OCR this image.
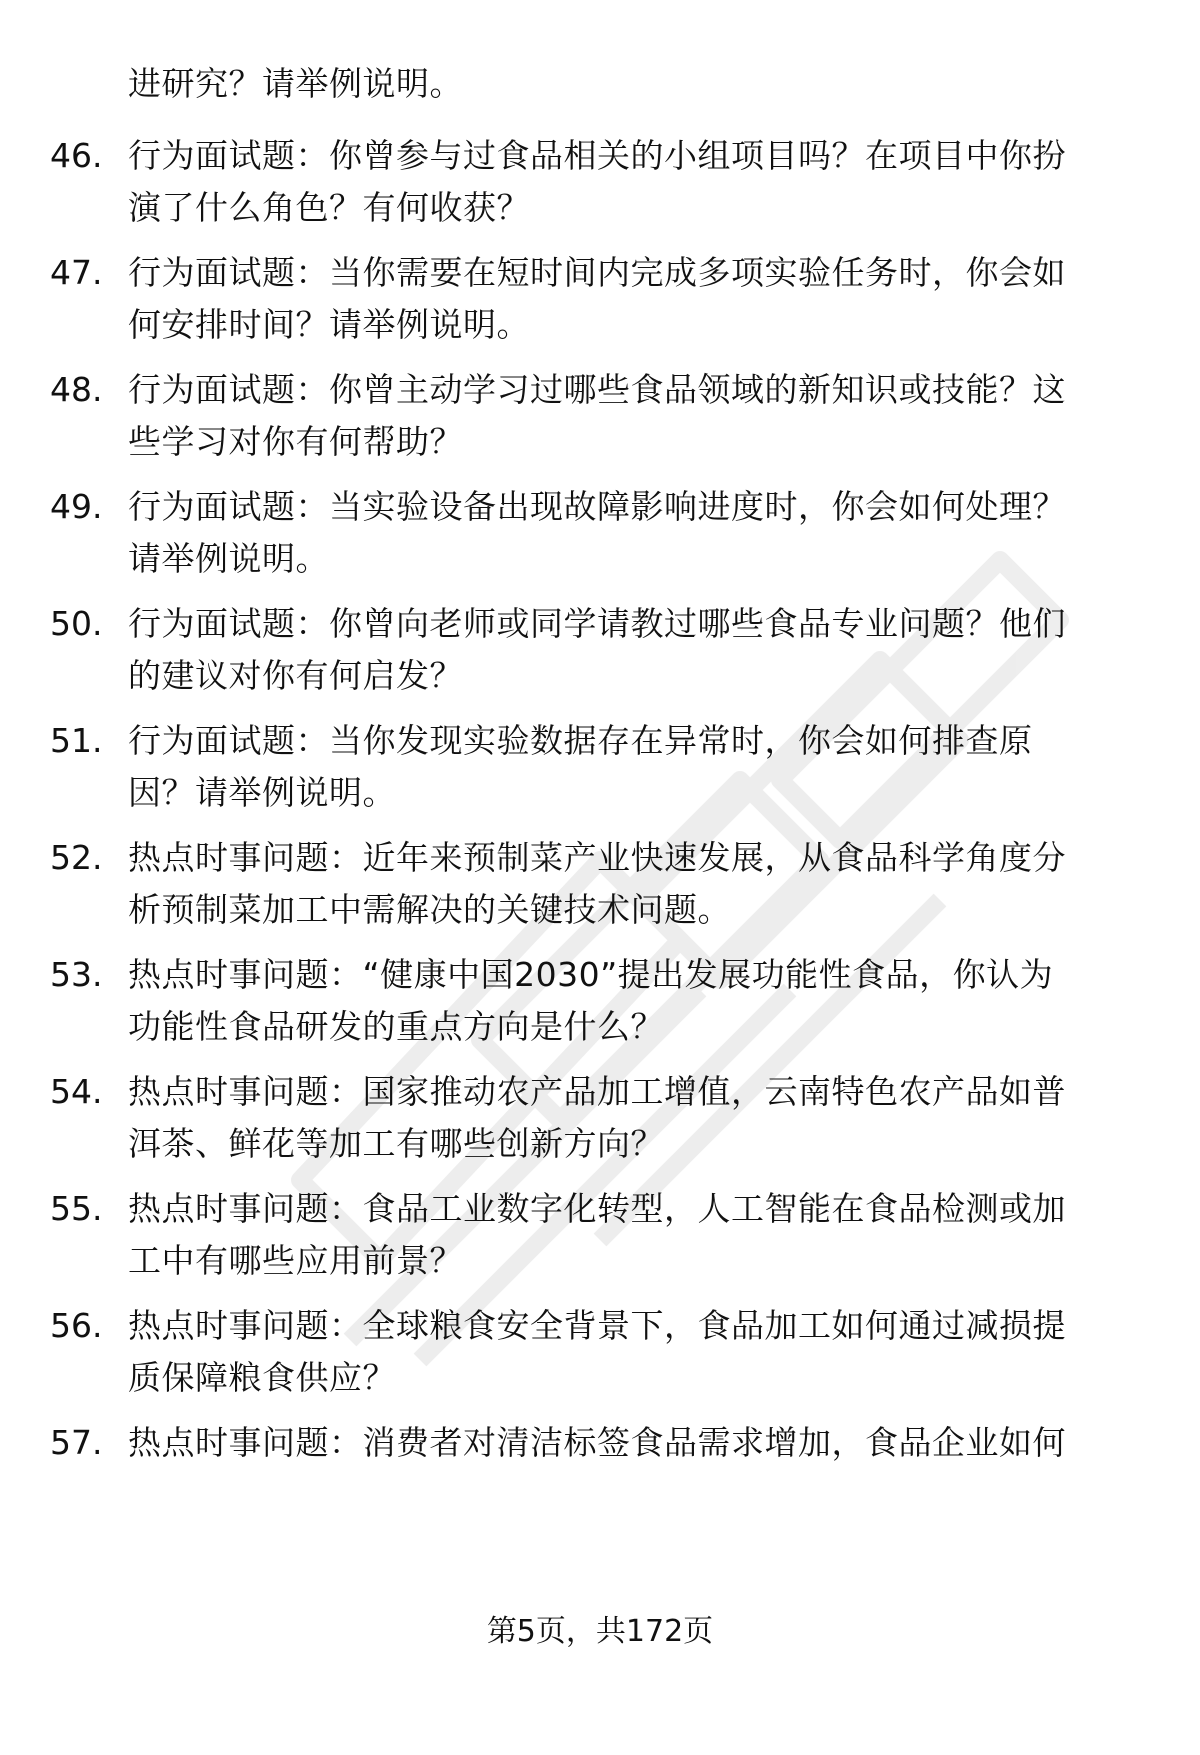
进研究？请举例说明。
46. 行为面试题：你曾参与过食品相关的小组项目吗？在项目中你扮
演了什么角色？有何收获？
47. 行为面试题：当你需要在短时间内完成多项实验任务时，你会如
何安排时间？请举例说明。
48. 行为面试题：你曾主动学习过哪些食品领域的新知识或技能？这
些学习对你有何帮助？
49. 行为面试题：当实验设备出现故障影响进度时，你会如何处理？
请举例说明。
50. 行为面试题：你曾向老师或同学请教过哪些食品专业问题？他们
的建议对你有何启发？
51. 行为面试题：当你发现实验数据存在异常时，你会如何排查原
因？请举例说明。
52. 热点时事问题：近年来预制菜产业快速发展，从食品科学角度分
析预制菜加工中需解决的关键技术问题。
53. 热点时事问题：“健康中国2030”提出发展功能性食品，你认为
功能性食品研发的重点方向是什么？
54. 热点时事问题：国家推动农产品加工增值，云南特色农产品如普
洱茶、鲜花等加工有哪些创新方向？
55. 热点时事问题：食品工业数字化转型，人工智能在食品检测或加
工中有哪些应用前景？
56. 热点时事问题：全球粮食安全背景下，食品加工如何通过减损提
质保障粮食供应？
57. 热点时事问题：消费者对清洁标签食品需求增加，食品企业如何
第5页，共172页
